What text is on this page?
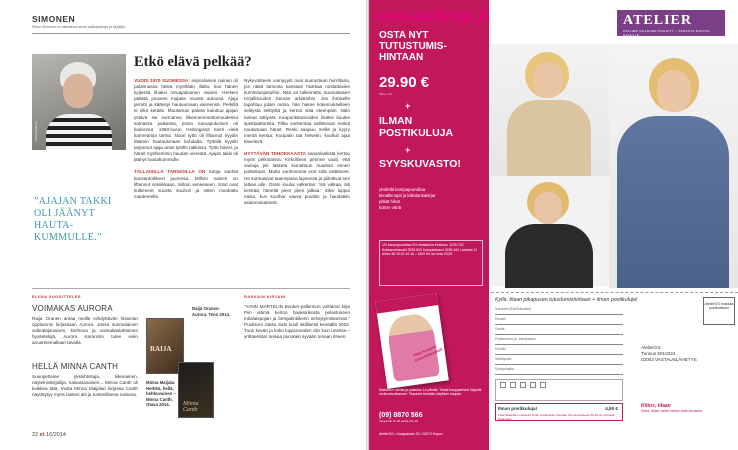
SIMONEN
Eliisa Simonen on elämänsä aivan pääkirjoittaja ja kirjailija.
Tytti Kilpeläinen
”AJAJAN TAKKI OLI JÄÄNYT HAUTA-KUMMULLE.”
Etkö elävä pelkää?
VUODI 1970 SUOMESSA: espoolainen nainen oli palannassa töistä myöhään illalla, kun hänen kyljessä lihaksi raruapukuinen nainen. Herkeni päästä puuseni majasa nousta autoosa. Ajaja jarrutti ja käänsyi hautuumaan viereensä. Perkillä ei ollut ketään. Muutaman päivän kuluttua ajajan ystävä sai surmansa liikenneonnettomuudessa samassa paikassa, jossa naruapukuinen oli kadonnut. 1960-luvun Helsingissä kierti vielä karmeampi tarina. Nuori tyttö oli liftannut kyydin Malmin hautausmaan kohdalta. Tyttöllä kyydin tarjonnut ajaja antoi tytölle takkinsa. Tyttö hävisi, ja hänet myöhemmin haudan vierestä. Ajajan takki oli jäänyt hautakummulle.

TÄLLAISILLA TARINOILLA ON tutoja vanhat kansantoihkeet juurensa. Milloin nainen on liftannut vossikkaan, milloin veneeseen. Jotut ovat kulkeneet suusta suuhun ja sitten muokattu mantereelle.
Nykyvoitteeni vampyyrit ovat suurastaan hurrittaria, jon näitä tarinoita kansaan hiukkaa nostattavien kummitusjuttuihin. Nitä on tallennettu Suomalaisen Kirjallisuuden Seuran arkistoihin. Jos ihmiselle tapahtuu jotain outoa, hän hakee kokemukselleen selitystä selitystä ja kertoo siitä eteenpäin. Näin tarinat säilyvät. Kaupunkitarinoiden lisäksi kuulee spektaattoreita: Pilka vanhentaa vallitsevan renkiä noutamaan hänet. Renki saapuu mellä ja kyyry mentä kertaa: Kuopalin taa helvetin, kuulluit ajaa kävelevä.

HYYTÄVÄN TEHOKKAASTA sananlaskistä kertoo myös pelkotarina. Kirkollinen perinne vaati, että vainaja piti lasketa siunattuun maahan ennen puitteitaan. Mutta vanhemmat erot siitä väittäneet. He surmasivat taaempana lapsensa ja piilottivat sen lattian alle. Ossin kuulai valkertan: 'Isä valkaa, äiti kenkää, hänellä pieni pieni jalkaa.' Siksi loppui naisa, kun kuulhar vauva puottiin ja haudattiin asianmukaisesti.
ELIINA SUOSITTELEE
VOIMAKAS AURORA
Raija Oranen antaa meille viihdyttävän historian oppitunnin kirjassaan Aurora. Jossa suomalainen vaikuttajanainen, kiehtova ja voimakastahtoinen hyväntekijä, Aurora Karamzin tulee esiin anuartsemallaan tavalla.
HELLÄ MINNA CANTH
Suuopettelee ykssihtistaja, liikenainen, näytelmäkirjailija, naisasianainen... Minna Canth oli kaikkea tätä, mutta Minna Maijalan kirjassa Canth näyttäytyy myös lasteni äiti ja tunteellisena naisena.
RAIJA
Raija Oranen: Aurora. Teos 2014.
Minna Canth
Minna Maijala: Herkkä, hellä, hehkuvainen – Minna Canth. Otava 2014.
RAKKAIN KIRJANI
”YANN MARTELIN Booker-palkinnon voittanut kirja Piin elämä kertoo haaksirikosta pelastuneen Intialaispojan ja bengalintiikerin selviytymistarinan.” Puolisoni Jukka Salo kuoli äkillisesti keväällä 2002. Tuon kevän ja koko loppuvuoden olin kuin unessa – yrittäessäni tuskaa purukaki syvään omaan itseen.
22 et 16/2014
OSTA NYT TUTUSTUMIS-HINTAAN
29.90 €
Alkup. 69,-
+
ILMAN POSTIKULUJA
+
SYYSKUVASTO!
yksilöllä kampapuuvillaa
kimallenapit ja kiiltolankakirjat
pitkät hihat
kolme väriä
1% kampapuuvillaa 5% elastaania Keskiarv. 3239-700 Sotiaanviinsnahi 3239-600 Kampatavaroi 3239-400 Laivasto 11 Iehes 38 40 42 44 46 – 4400 84 cm rinta 29,90
Tilaa kuvasto tutustuttavaksi!
Maksuton valinta ja palautus 14 päivää. Tarkat kauppaehdot löytyvät verkkosivuiltamme. Tilaukset tehdään käyttäen kaupan.
(09) 8870 566
ma-pe klo 8–18, la klo 10–14
AtelierGS • Kauppakatu 13 • 02070 Espoo
www.ateliergs.fi	ATELIER
ATELIER GOLDNER SCHNITT – PARASTA MUOTIA NAISILLE
Kyllä, tilaan pikapusen tutustumishintaan + ilman postikuluja!
Sukunimi (Etu/Sukunimi)
Etunimi
Osoite
Postinumero ja -toimipaikka
Puhelin
Sähköposti
Syntymäaika
Ilman postikuluja!	4,90 €
Tilaa Madetlan postikulut ilman postikulujen käyttää. Ota tarjouskoodi 59-04 tai nopeasti tilaamaan!
AtelierGS maksaa postimaksun
AtelierGS
Tunnus 5010324
02003 VASTAUSLÄHETYS
Kiitos, tilaan
Kiitos, tilaan sähkö kertoo uutis kuvaston.
